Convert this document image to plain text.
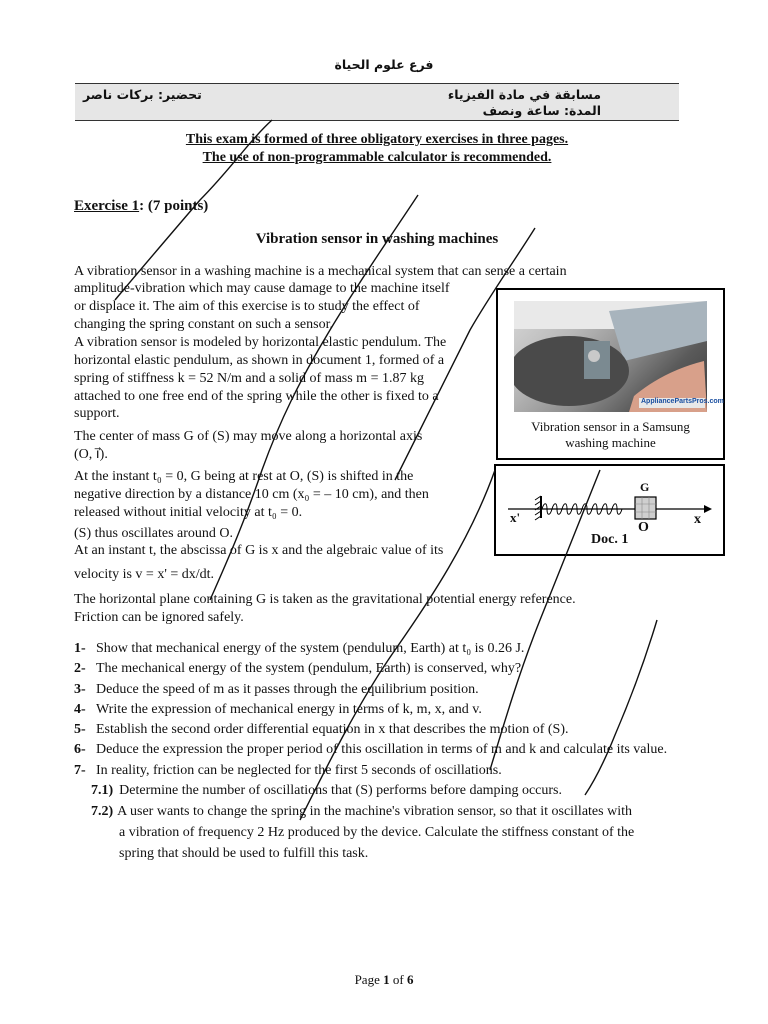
فرع علوم الحياة
مسابقة في مادة الفيزياء
المدة: ساعة ونصف
تحضير: بركات ناصر
This exam is formed of three obligatory exercises in three pages.
The use of non-programmable calculator is recommended.
Exercise 1: (7 points)
Vibration sensor in washing machines
A vibration sensor in a washing machine is a mechanical system that can sense a certain
amplitude-vibration which may cause damage to the machine itself
or displace it. The aim of this exercise is to study the effect of
changing the spring constant on such a sensor.
A vibration sensor is modeled by horizontal elastic pendulum. The
horizontal elastic pendulum, as shown in document 1, formed of a
spring of stiffness k = 52 N/m and a solid of mass m = 1.87 kg
attached to one free end of the spring while the other is fixed to a
support.
The center of mass G of (S) may move along a horizontal axis
(O, i⃗).
At the instant t₀ = 0, G being at rest at O, (S) is shifted in the
negative direction by a distance 10 cm (x₀ = – 10 cm), and then
released without initial velocity at t₀ = 0.
(S) thus oscillates around O.
At an instant t, the abscissa of G is x and the algebraic value of its
velocity is v = x' = dx/dt.
The horizontal plane containing G is taken as the gravitational potential energy reference.
Friction can be ignored safely.
AppliancePartsPros.com
Vibration sensor in a Samsung
washing machine
G
x'	x
O
Doc. 1
1- Show that mechanical energy of the system (pendulum, Earth) at t₀ is 0.26 J.
2- The mechanical energy of the system (pendulum, Earth) is conserved, why?
3- Deduce the speed of m as it passes through the equilibrium position.
4- Write the expression of mechanical energy in terms of k, m, x, and v.
5- Establish the second order differential equation in x that describes the motion of (S).
6- Deduce the expression the proper period of this oscillation in terms of m and k and calculate its value.
7- In reality, friction can be neglected for the first 5 seconds of oscillations.
7.1) Determine the number of oscillations that (S) performs before damping occurs.
7.2) A user wants to change the spring in the machine's vibration sensor, so that it oscillates with
a vibration of frequency 2 Hz produced by the device. Calculate the stiffness constant of the
spring that should be used to fulfill this task.
Page 1 of 6
